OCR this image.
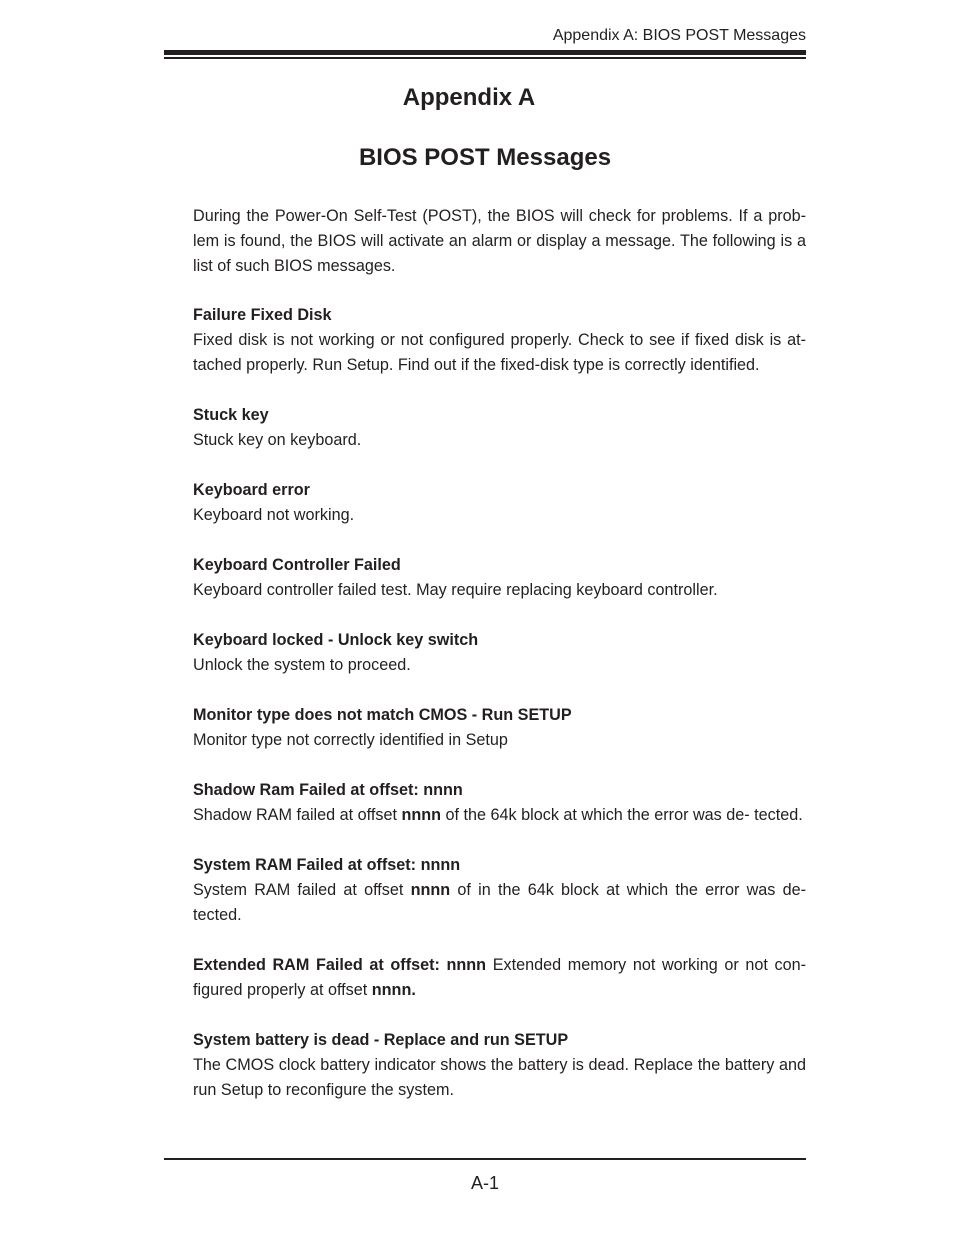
Appendix A: BIOS POST Messages
Appendix A
BIOS POST Messages

During the Power-On Self-Test (POST), the BIOS will check for problems. If a prob- lem is found, the BIOS will activate an alarm or display a message. The following is a list of such BIOS messages.

Failure Fixed Disk

Fixed disk is not working or not configured properly. Check to see if fixed disk is at- tached properly. Run Setup. Find out if the fixed-disk type is correctly identified.

Stuck key

Stuck key on keyboard.

Keyboard error

Keyboard not working.

Keyboard Controller Failed

Keyboard controller failed test. May require replacing keyboard controller.

Keyboard locked - Unlock key switch

Unlock the system to proceed.

Monitor type does not match CMOS - Run SETUP

Monitor type not correctly identified in Setup

Shadow Ram Failed at offset: nnnn

Shadow RAM failed at offset nnnn of the 64k block at which the error was de- tected.

System RAM Failed at offset: nnnn

System RAM failed at offset nnnn of in the 64k block at which the error was de- tected.

Extended RAM Failed at offset: nnnn Extended memory not working or not con- figured properly at offset nnnn.

System battery is dead - Replace and run SETUP

The CMOS clock battery indicator shows the battery is dead. Replace the battery and run Setup to reconfigure the system.

A-1
